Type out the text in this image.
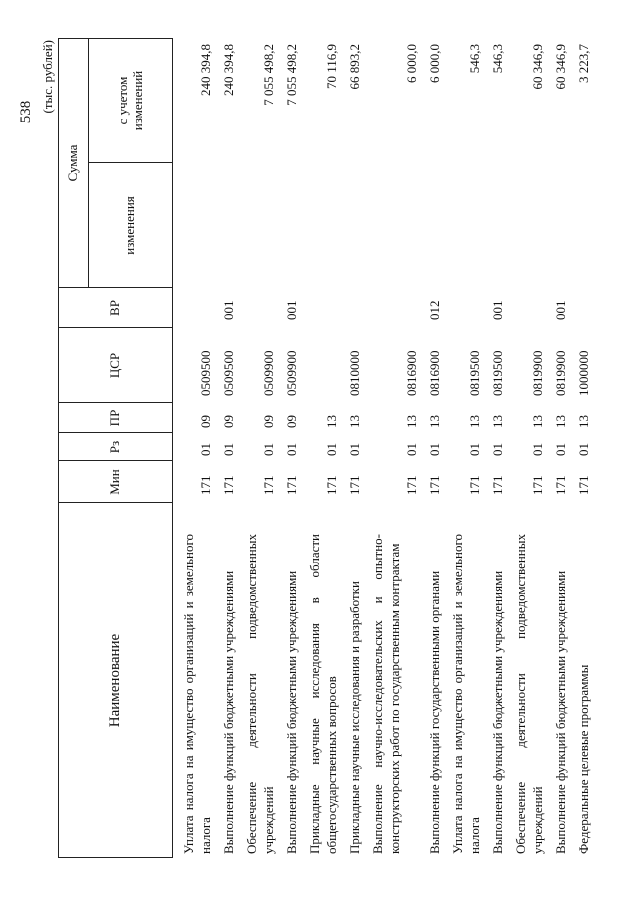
538 (тыс. рублей)
Наименование
Мин
Рз
ПР
ЦСР
ВР
Сумма
изменения
с учетом изменений
Уплата налога на имущество организаций и земельного налога
171
01
09
0509500
240 394,8
Выполнение функций бюджетными учреждениями
171
01
09
0509500
001
240 394,8
Обеспечение деятельности подведомственных учреждений
171
01
09
0509900
7 055 498,2
Выполнение функций бюджетными учреждениями
171
01
09
0509900
001
7 055 498,2
Прикладные научные исследования в области общегосударственных вопросов
171
01
13
70 116,9
Прикладные научные исследования и разработки
171
01
13
0810000
66 893,2
Выполнение научно-исследовательских и опытно-конструкторских работ по государственным контрактам
171
01
13
0816900
6 000,0
Выполнение функций государственными органами
171
01
13
0816900
012
6 000,0
Уплата налога на имущество организаций и земельного налога
171
01
13
0819500
546,3
Выполнение функций бюджетными учреждениями
171
01
13
0819500
001
546,3
Обеспечение деятельности подведомственных учреждений
171
01
13
0819900
60 346,9
Выполнение функций бюджетными учреждениями
171
01
13
0819900
001
60 346,9
Федеральные целевые программы
171
01
13
1000000
3 223,7
